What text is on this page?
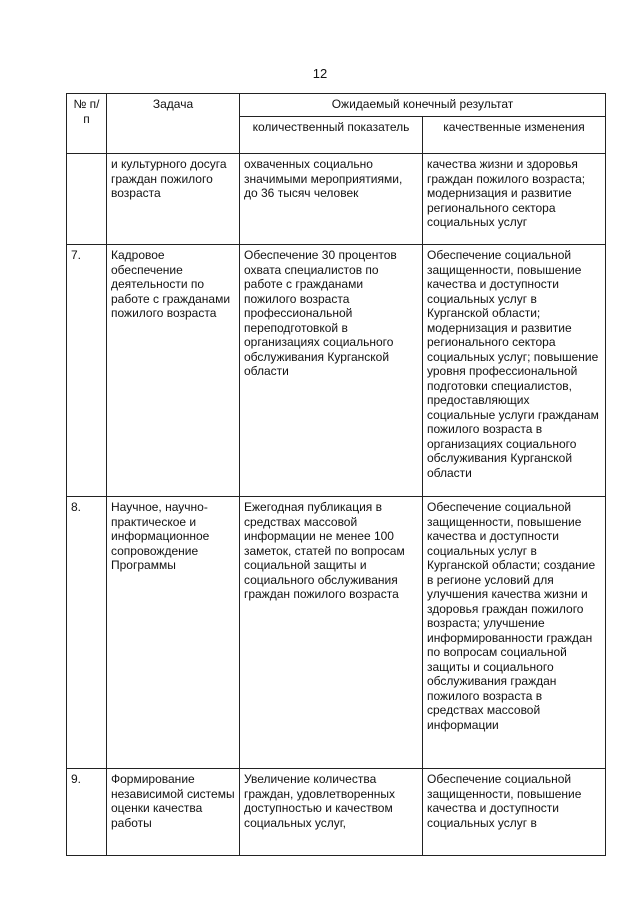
12
№ п/п	Задача	Ожидаемый конечный результат	
		количественный показатель	качественные изменения
	и культурного досуга граждан пожилого возраста	охваченных социально значимыми мероприятиями, до 36 тысяч человек	качества жизни и здоровья граждан пожилого возраста; модернизация и развитие регионального сектора социальных услуг
7.	Кадровое обеспечение деятельности по работе с гражданами пожилого возраста	Обеспечение 30 процентов охвата специалистов по работе с гражданами пожилого возраста профессиональной переподготовкой в организациях социального обслуживания Курганской области	Обеспечение социальной защищенности, повышение качества и доступности социальных услуг в Курганской области; модернизация и развитие регионального сектора социальных услуг; повышение уровня профессиональной подготовки специалистов, предоставляющих социальные услуги гражданам пожилого возраста в организациях социального обслуживания Курганской области
8.	Научное, научно-практическое и информационное сопровождение Программы	Ежегодная публикация в средствах массовой информации не менее 100 заметок, статей по вопросам социальной защиты и социального обслуживания граждан пожилого возраста	Обеспечение социальной защищенности, повышение качества и доступности социальных услуг в Курганской области; создание в регионе условий для улучшения качества жизни и здоровья граждан пожилого возраста; улучшение информированности граждан по вопросам социальной защиты и социального обслуживания граждан пожилого возраста в средствах массовой информации
9.	Формирование независимой системы оценки качества работы	Увеличение количества граждан, удовлетворенных доступностью и качеством социальных услуг,	Обеспечение социальной защищенности, повышение качества и доступности социальных услуг в
